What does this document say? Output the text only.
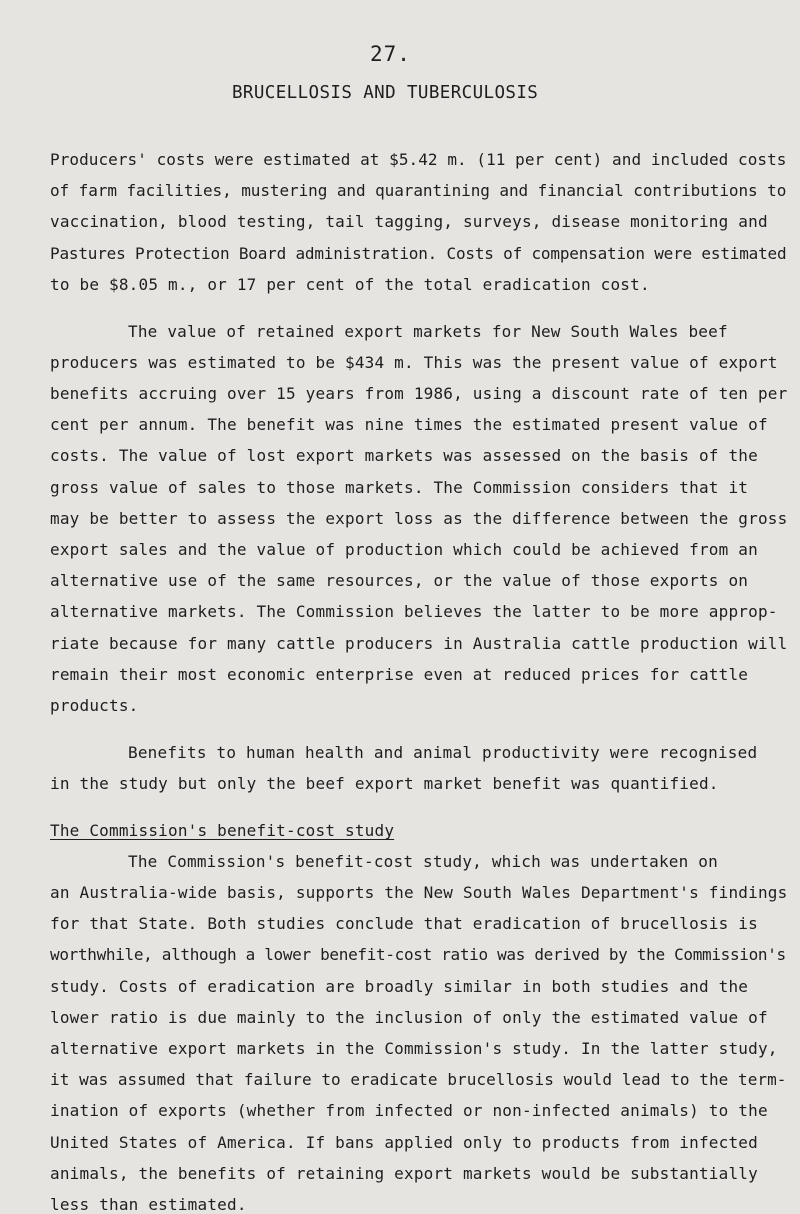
27.
BRUCELLOSIS AND TUBERCULOSIS
Producers' costs were estimated at $5.42 m. (11 per cent) and included costs
of farm facilities, mustering and quarantining and financial contributions to
vaccination, blood testing, tail tagging, surveys, disease monitoring and
Pastures Protection Board administration. Costs of compensation were estimated
to be $8.05 m., or 17 per cent of the total eradication cost.
The value of retained export markets for New South Wales beef
producers was estimated to be $434 m. This was the present value of export
benefits accruing over 15 years from 1986, using a discount rate of ten per
cent per annum. The benefit was nine times the estimated present value of
costs. The value of lost export markets was assessed on the basis of the
gross value of sales to those markets. The Commission considers that it
may be better to assess the export loss as the difference between the gross
export sales and the value of production which could be achieved from an
alternative use of the same resources, or the value of those exports on
alternative markets. The Commission believes the latter to be more approp-
riate because for many cattle producers in Australia cattle production will
remain their most economic enterprise even at reduced prices for cattle
products.
Benefits to human health and animal productivity were recognised
in the study but only the beef export market benefit was quantified.
The Commission's benefit-cost study
The Commission's benefit-cost study, which was undertaken on
an Australia-wide basis, supports the New South Wales Department's findings
for that State. Both studies conclude that eradication of brucellosis is
worthwhile, although a lower benefit-cost ratio was derived by the Commission's
study. Costs of eradication are broadly similar in both studies and the
lower ratio is due mainly to the inclusion of only the estimated value of
alternative export markets in the Commission's study. In the latter study,
it was assumed that failure to eradicate brucellosis would lead to the term-
ination of exports (whether from infected or non-infected animals) to the
United States of America. If bans applied only to products from infected
animals, the benefits of retaining export markets would be substantially
less than estimated.
